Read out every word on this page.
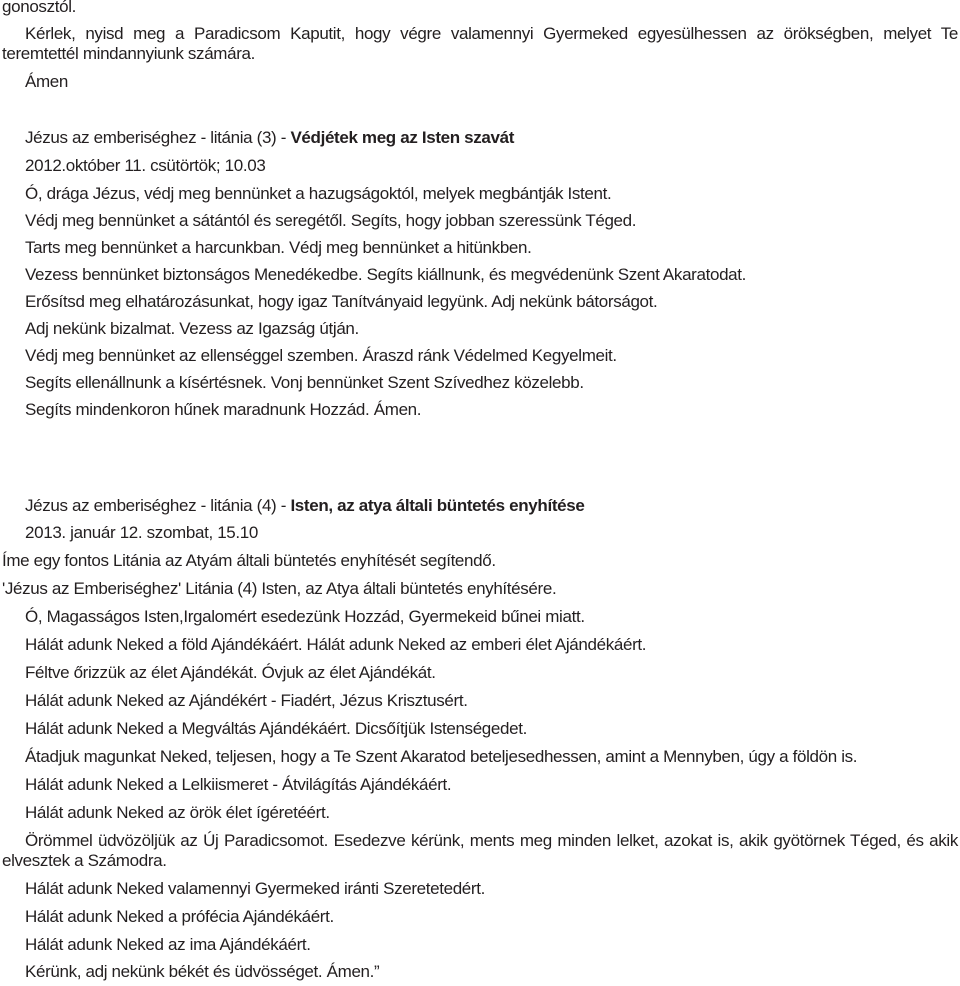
gonosztól.
Kérlek, nyisd meg a Paradicsom Kaputit, hogy végre valamennyi Gyermeked egyesülhessen az örökségben, melyet Te teremtettél mindannyiunk számára.
Ámen
Jézus az emberiséghez - litánia (3) - Védjétek meg az Isten szavát
2012.október 11. csütörtök; 10.03
Ó, drága Jézus, védj meg bennünket a hazugságoktól, melyek megbántják Istent.
Védj meg bennünket a sátántól és seregétől. Segíts, hogy jobban szeressünk Téged.
Tarts meg bennünket a harcunkban. Védj meg bennünket a hitünkben.
Vezess bennünket biztonságos Menedékedbe. Segíts kiállnunk, és megvédenünk Szent Akaratodat.
Erősítsd meg elhatározásunkat, hogy igaz Tanítványaid legyünk. Adj nekünk bátorságot.
Adj nekünk bizalmat. Vezess az Igazság útján.
Védj meg bennünket az ellenséggel szemben. Áraszd ránk Védelmed Kegyelmeit.
Segíts ellenállnunk a kísértésnek. Vonj bennünket Szent Szívedhez közelebb.
Segíts mindenkoron hűnek maradnunk Hozzád. Ámen.
Jézus az emberiséghez - litánia (4) - Isten, az atya általi büntetés enyhítése
2013. január 12. szombat, 15.10
Íme egy fontos Litánia az Atyám általi büntetés enyhítését segítendő.
'Jézus az Emberiséghez' Litánia (4) Isten, az Atya általi büntetés enyhítésére.
Ó, Magasságos Isten,Irgalomért esedezünk Hozzád, Gyermekeid bűnei miatt.
Hálát adunk Neked a föld Ajándékáért. Hálát adunk Neked az emberi élet Ajándékáért.
Féltve őrizzük az élet Ajándékát. Óvjuk az élet Ajándékát.
Hálát adunk Neked az Ajándékért - Fiadért, Jézus Krisztusért.
Hálát adunk Neked a Megváltás Ajándékáért. Dicsőítjük Istenségedet.
Átadjuk magunkat Neked, teljesen, hogy a Te Szent Akaratod beteljesedhessen, amint a Mennyben, úgy a földön is.
Hálát adunk Neked a Lelkiismeret - Átvilágítás Ajándékáért.
Hálát adunk Neked az örök élet ígéretéért.
Örömmel üdvözöljük az Új Paradicsomot. Esedezve kérünk, ments meg minden lelket, azokat is, akik gyötörnek Téged, és akik elvesztek a Számodra.
Hálát adunk Neked valamennyi Gyermeked iránti Szeretetedért.
Hálát adunk Neked a prófécia Ajándékáért.
Hálát adunk Neked az ima Ajándékáért.
Kérünk, adj nekünk békét és üdvösséget. Ámen.”
